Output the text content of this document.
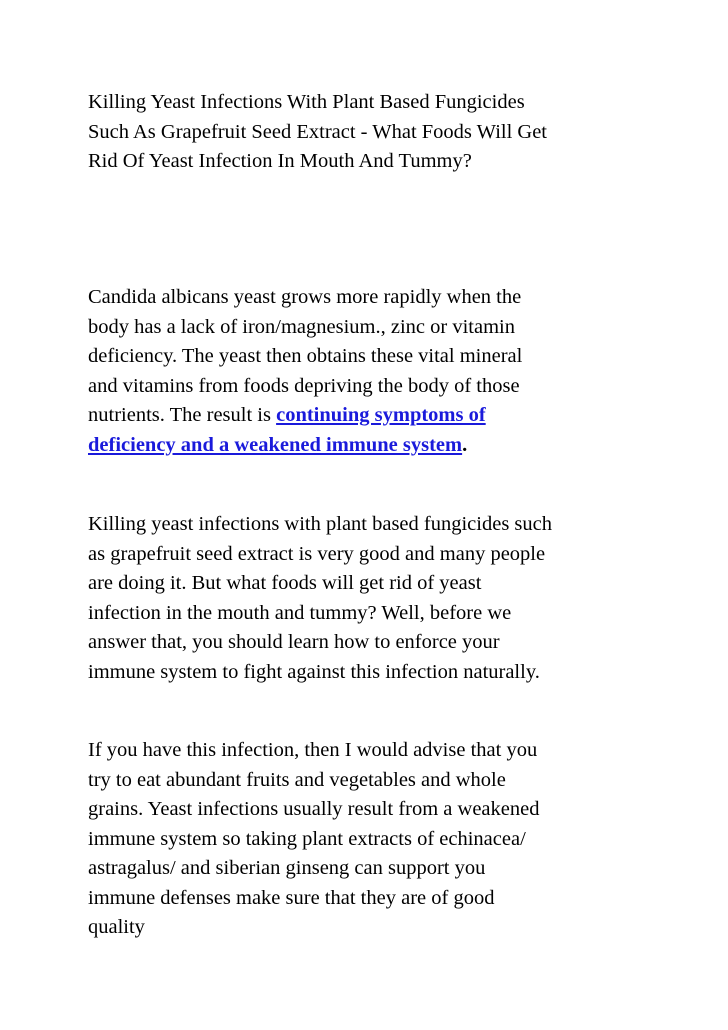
Killing Yeast Infections With Plant Based Fungicides
Such As Grapefruit Seed Extract - What Foods Will Get
Rid Of Yeast Infection In Mouth And Tummy?

Candida albicans yeast grows more rapidly when the
body has a lack of iron/magnesium., zinc or vitamin
deficiency. The yeast then obtains these vital mineral
and vitamins from foods depriving the body of those
nutrients. The result is continuing symptoms of
deficiency and a weakened immune system.

Killing yeast infections with plant based fungicides such
as grapefruit seed extract is very good and many people
are doing it. But what foods will get rid of yeast
infection in the mouth and tummy? Well, before we
answer that, you should learn how to enforce your
immune system to fight against this infection naturally.

If you have this infection, then I would advise that you
try to eat abundant fruits and vegetables and whole
grains. Yeast infections usually result from a weakened
immune system so taking plant extracts of echinacea/
astragalus/ and siberian ginseng can support you
immune defenses make sure that they are of good
quality
